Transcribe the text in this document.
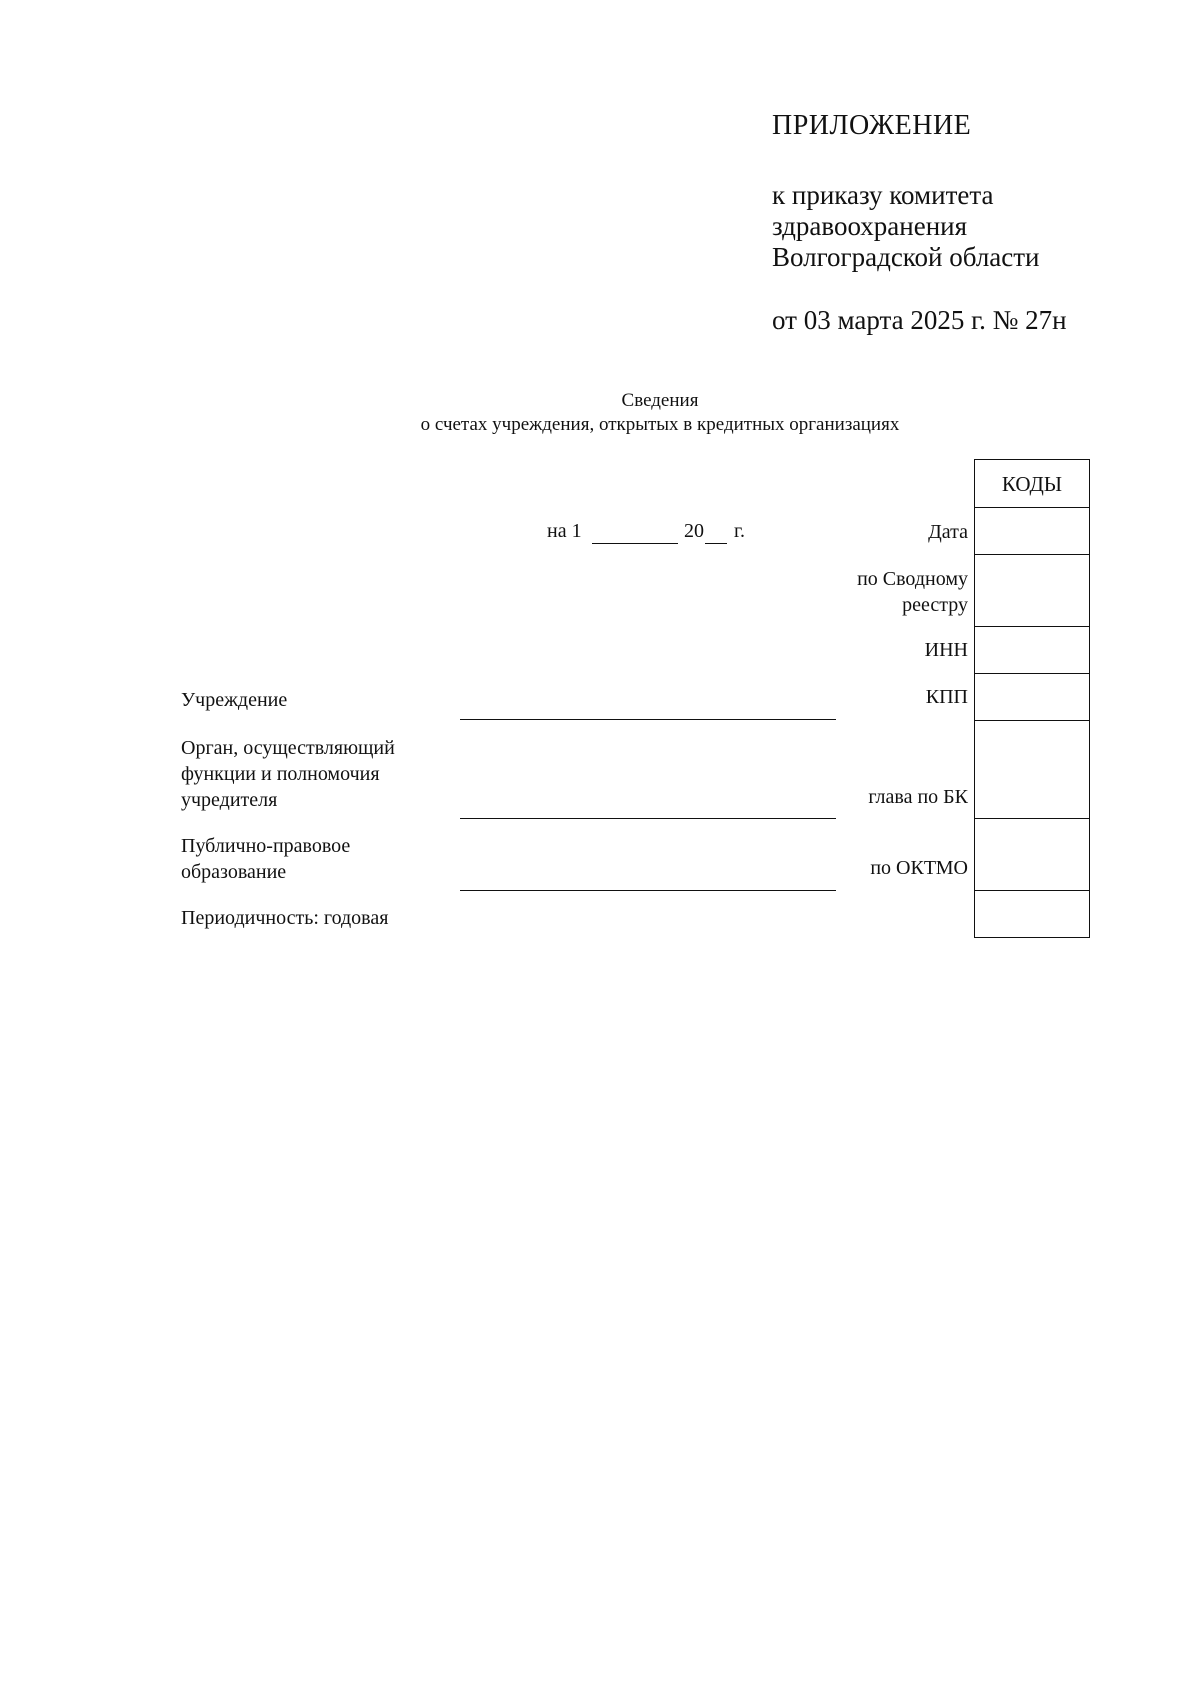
ПРИЛОЖЕНИЕ
к приказу комитета
здравоохранения
Волгоградской области
от 03 марта 2025 г. № 27н
Сведения
о счетах учреждения, открытых в кредитных организациях
на 1	20 г.	Дата
по Сводному
реестру
ИНН
КПП
глава по БК
по ОКТМО
КОДЫ
Учреждение
Орган, осуществляющий
функции и полномочия
учредителя
Публично-правовое
образование
Периодичность: годовая
